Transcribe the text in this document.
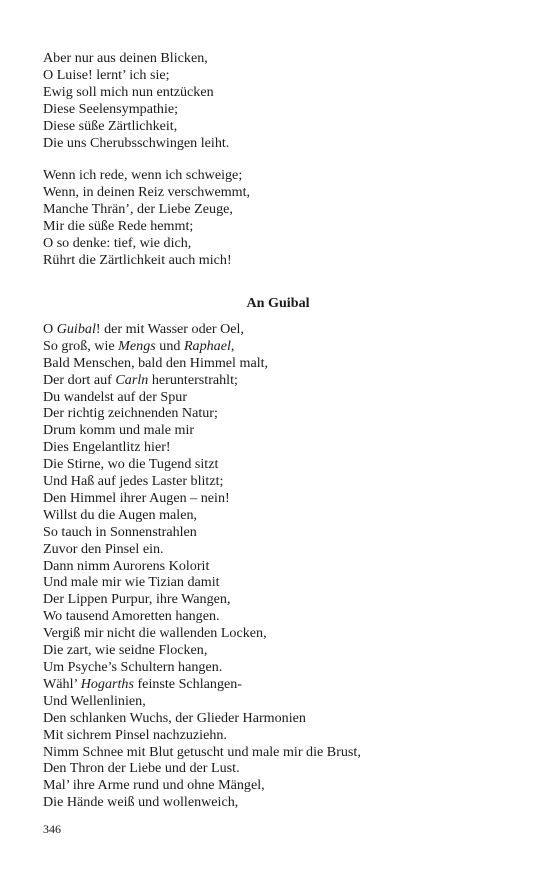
Aber nur aus deinen Blicken,
O Luise! lernt’ ich sie;
Ewig soll mich nun entzücken
Diese Seelensympathie;
Diese süße Zärtlichkeit,
Die uns Cherubsschwingen leiht.
Wenn ich rede, wenn ich schweige;
Wenn, in deinen Reiz verschwemmt,
Manche Thrän’, der Liebe Zeuge,
Mir die süße Rede hemmt;
O so denke: tief, wie dich,
Rührt die Zärtlichkeit auch mich!
An Guibal
O Guibal! der mit Wasser oder Oel,
So groß, wie Mengs und Raphael,
Bald Menschen, bald den Himmel malt,
Der dort auf Carln herunterstrahlt;
Du wandelst auf der Spur
Der richtig zeichnenden Natur;
Drum komm und male mir
Dies Engelantlitz hier!
Die Stirne, wo die Tugend sitzt
Und Haß auf jedes Laster blitzt;
Den Himmel ihrer Augen – nein!
Willst du die Augen malen,
So tauch in Sonnenstrahlen
Zuvor den Pinsel ein.
Dann nimm Aurorens Kolorit
Und male mir wie Tizian damit
Der Lippen Purpur, ihre Wangen,
Wo tausend Amoretten hangen.
Vergiß mir nicht die wallenden Locken,
Die zart, wie seidne Flocken,
Um Psyche’s Schultern hangen.
Wähl’ Hogarths feinste Schlangen-
Und Wellenlinien,
Den schlanken Wuchs, der Glieder Harmonien
Mit sichrem Pinsel nachzuziehn.
Nimm Schnee mit Blut getuscht und male mir die Brust,
Den Thron der Liebe und der Lust.
Mal’ ihre Arme rund und ohne Mängel,
Die Hände weiß und wollenweich,
346
